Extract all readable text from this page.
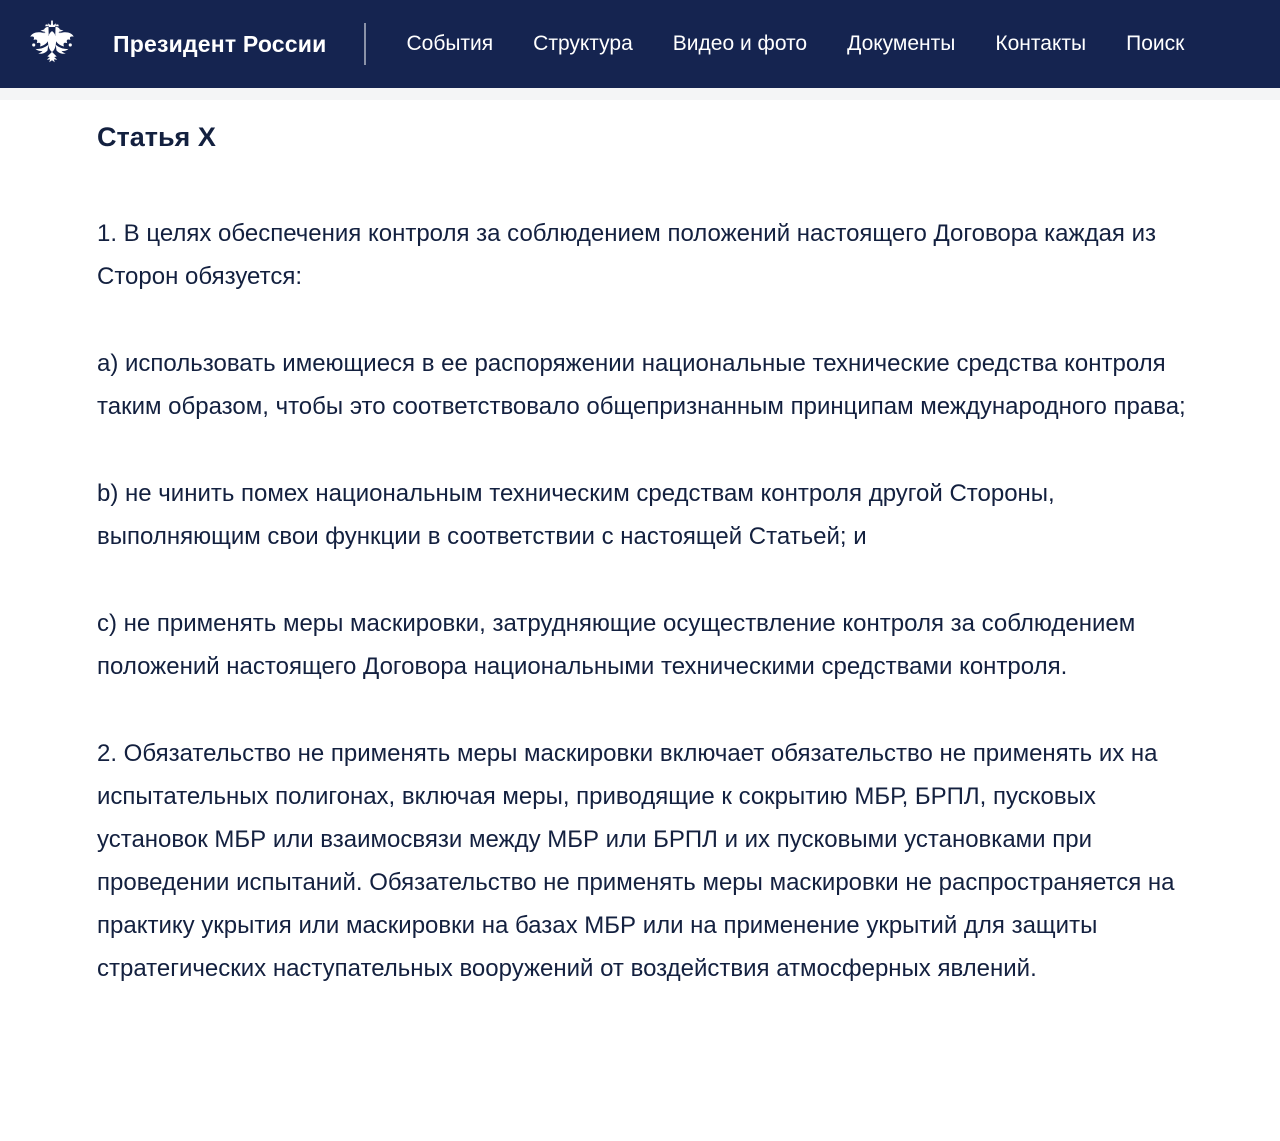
Президент России	События Структура Видео и фото Документы Контакты Поиск
Статья X

1. В целях обеспечения контроля за соблюдением положений настоящего Договора каждая из Сторон обязуется:

a) использовать имеющиеся в ее распоряжении национальные технические средства контроля таким образом, чтобы это соответствовало общепризнанным принципам международного права;

b) не чинить помех национальным техническим средствам контроля другой Стороны, выполняющим свои функции в соответствии с настоящей Статьей; и

c) не применять меры маскировки, затрудняющие осуществление контроля за соблюдением положений настоящего Договора национальными техническими средствами контроля.

2. Обязательство не применять меры маскировки включает обязательство не применять их на испытательных полигонах, включая меры, приводящие к сокрытию МБР, БРПЛ, пусковых установок МБР или взаимосвязи между МБР или БРПЛ и их пусковыми установками при проведении испытаний. Обязательство не применять меры маскировки не распространяется на практику укрытия или маскировки на базах МБР или на применение укрытий для защиты стратегических наступательных вооружений от воздействия атмосферных явлений.
